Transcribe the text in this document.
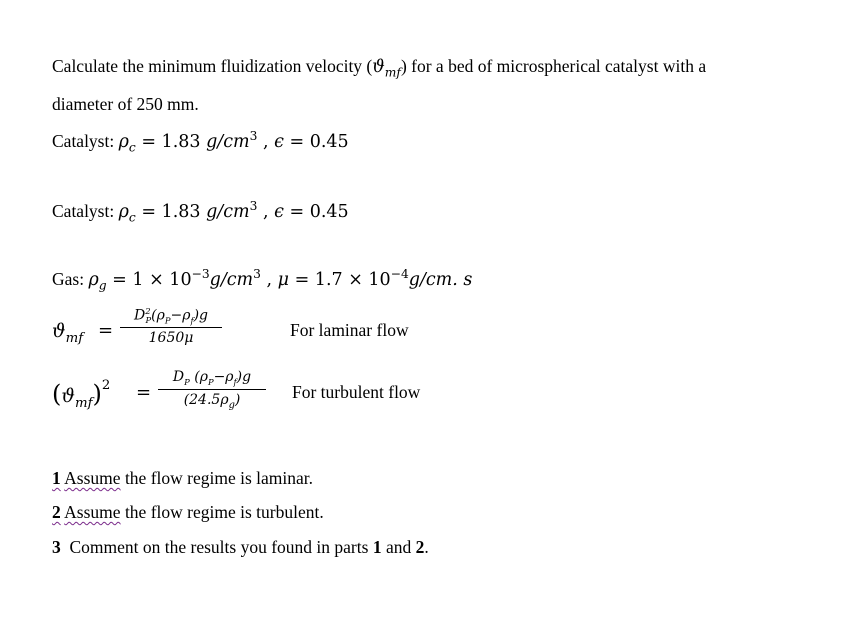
Calculate the minimum fluidization velocity $(ϑ_{mf})$ for a bed of microspherical catalyst with a
diameter of 250 mm.
Catalyst: $\rho_c = 1.83$ $g/cm^3$ , ϵ = 0.45
Catalyst: $\rho_c = 1.83$ $g/cm^3$ , ϵ = 0.45
Gas: $\rho_g = 1 \times 10^{-3}g/cm^3$ , $\mu = 1.7 \times 10^{-4}g/cm$. s
$ϑ_{mf}$ =
$D^2_P(\rho_P-\rho_f)g$
1650μ	For laminar flow
$(ϑ_{mf})^2$ =
$D_P$ $(\rho_P-\rho_f)g$
$(24.5\rho_g)$	For turbulent flow
1 Assume the flow regime is laminar.
2 Assume the flow regime is turbulent.
3  Comment on the results you found in parts 1 and 2.
